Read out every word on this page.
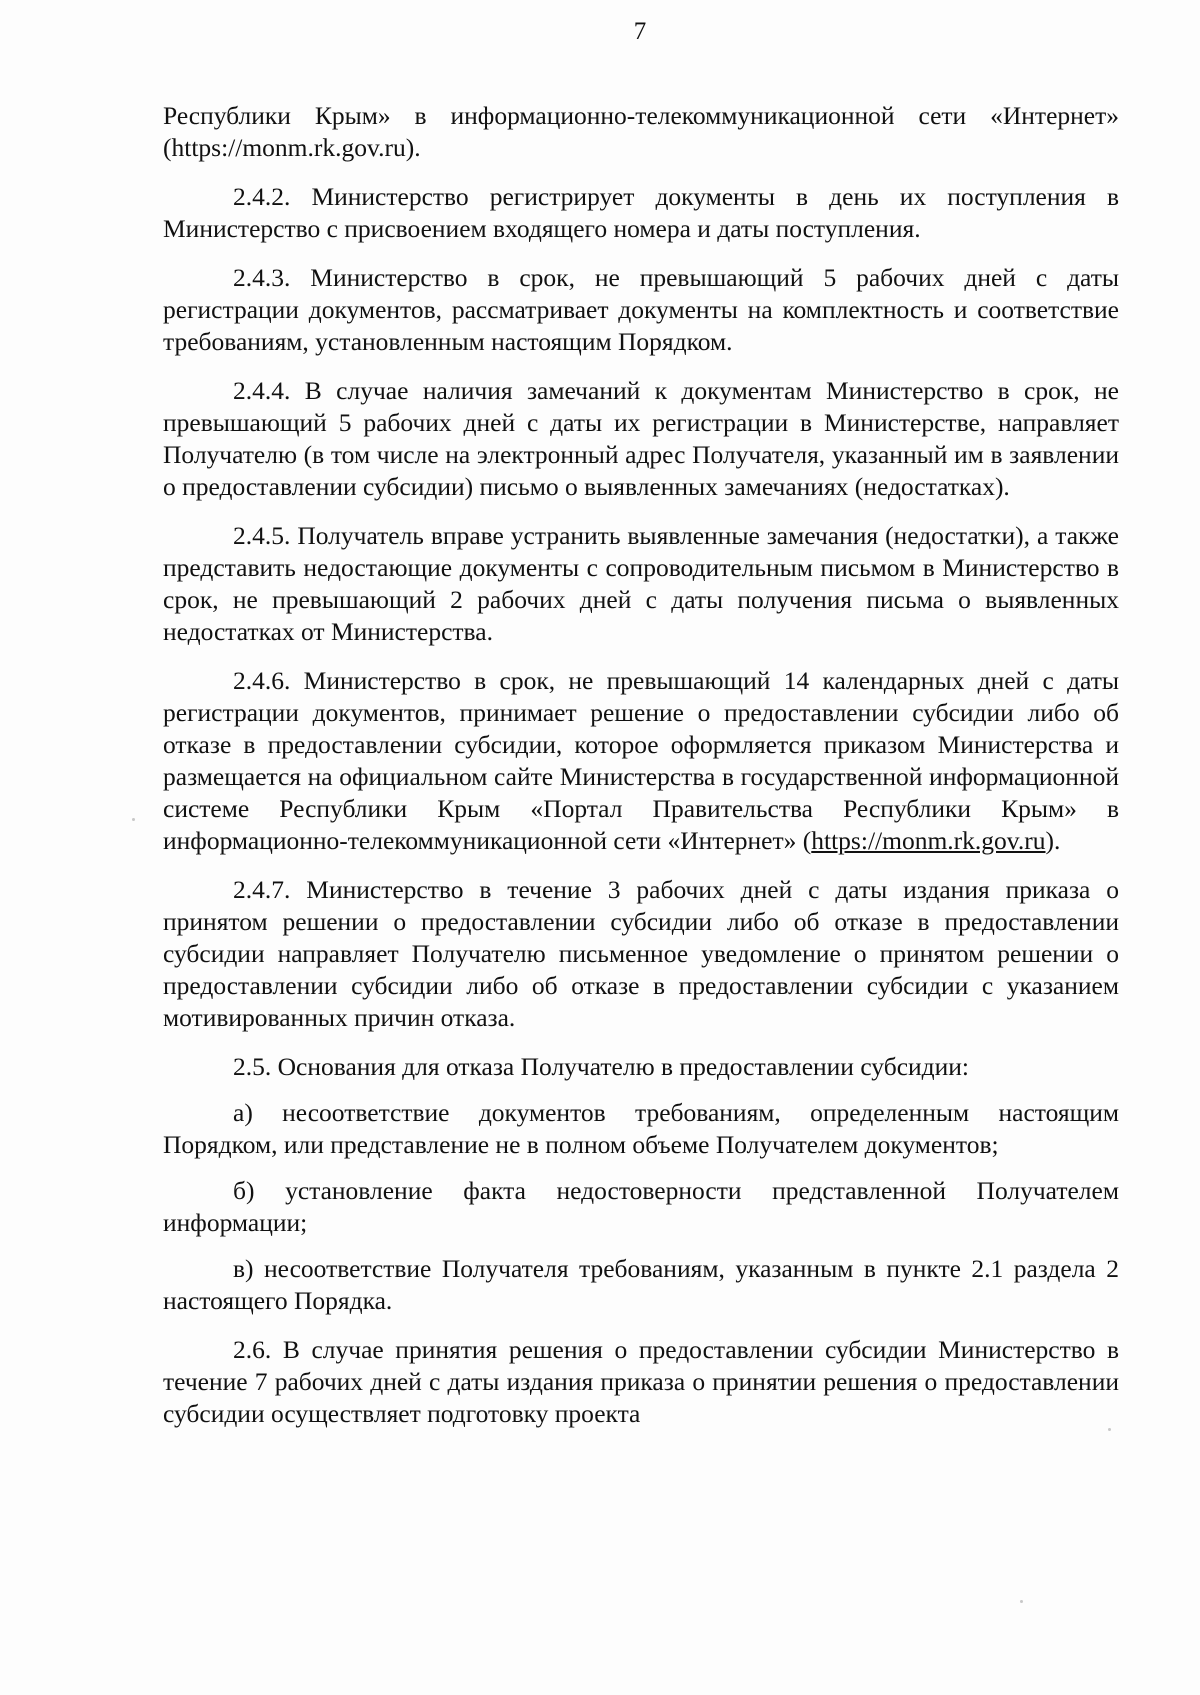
7

Республики Крым» в информационно-телекоммуникационной сети «Интернет» (https://monm.rk.gov.ru).

2.4.2. Министерство регистрирует документы в день их поступления в Министерство с присвоением входящего номера и даты поступления.

2.4.3. Министерство в срок, не превышающий 5 рабочих дней с даты регистрации документов, рассматривает документы на комплектность и соответствие требованиям, установленным настоящим Порядком.

2.4.4. В случае наличия замечаний к документам Министерство в срок, не превышающий 5 рабочих дней с даты их регистрации в Министерстве, направляет Получателю (в том числе на электронный адрес Получателя, указанный им в заявлении о предоставлении субсидии) письмо о выявленных замечаниях (недостатках).

2.4.5. Получатель вправе устранить выявленные замечания (недостатки), а также представить недостающие документы с сопроводительным письмом в Министерство в срок, не превышающий 2 рабочих дней с даты получения письма о выявленных недостатках от Министерства.

2.4.6. Министерство в срок, не превышающий 14 календарных дней с даты регистрации документов, принимает решение о предоставлении субсидии либо об отказе в предоставлении субсидии, которое оформляется приказом Министерства и размещается на официальном сайте Министерства в государственной информационной системе Республики Крым «Портал Правительства Республики Крым» в информационно-телекоммуникационной сети «Интернет» (https://monm.rk.gov.ru).

2.4.7. Министерство в течение 3 рабочих дней с даты издания приказа о принятом решении о предоставлении субсидии либо об отказе в предоставлении субсидии направляет Получателю письменное уведомление о принятом решении о предоставлении субсидии либо об отказе в предоставлении субсидии с указанием мотивированных причин отказа.

2.5. Основания для отказа Получателю в предоставлении субсидии:

а) несоответствие документов требованиям, определенным настоящим Порядком, или представление не в полном объеме Получателем документов;

б) установление факта недостоверности представленной Получателем информации;

в) несоответствие Получателя требованиям, указанным в пункте 2.1 раздела 2 настоящего Порядка.

2.6. В случае принятия решения о предоставлении субсидии Министерство в течение 7 рабочих дней с даты издания приказа о принятии решения о предоставлении субсидии осуществляет подготовку проекта
